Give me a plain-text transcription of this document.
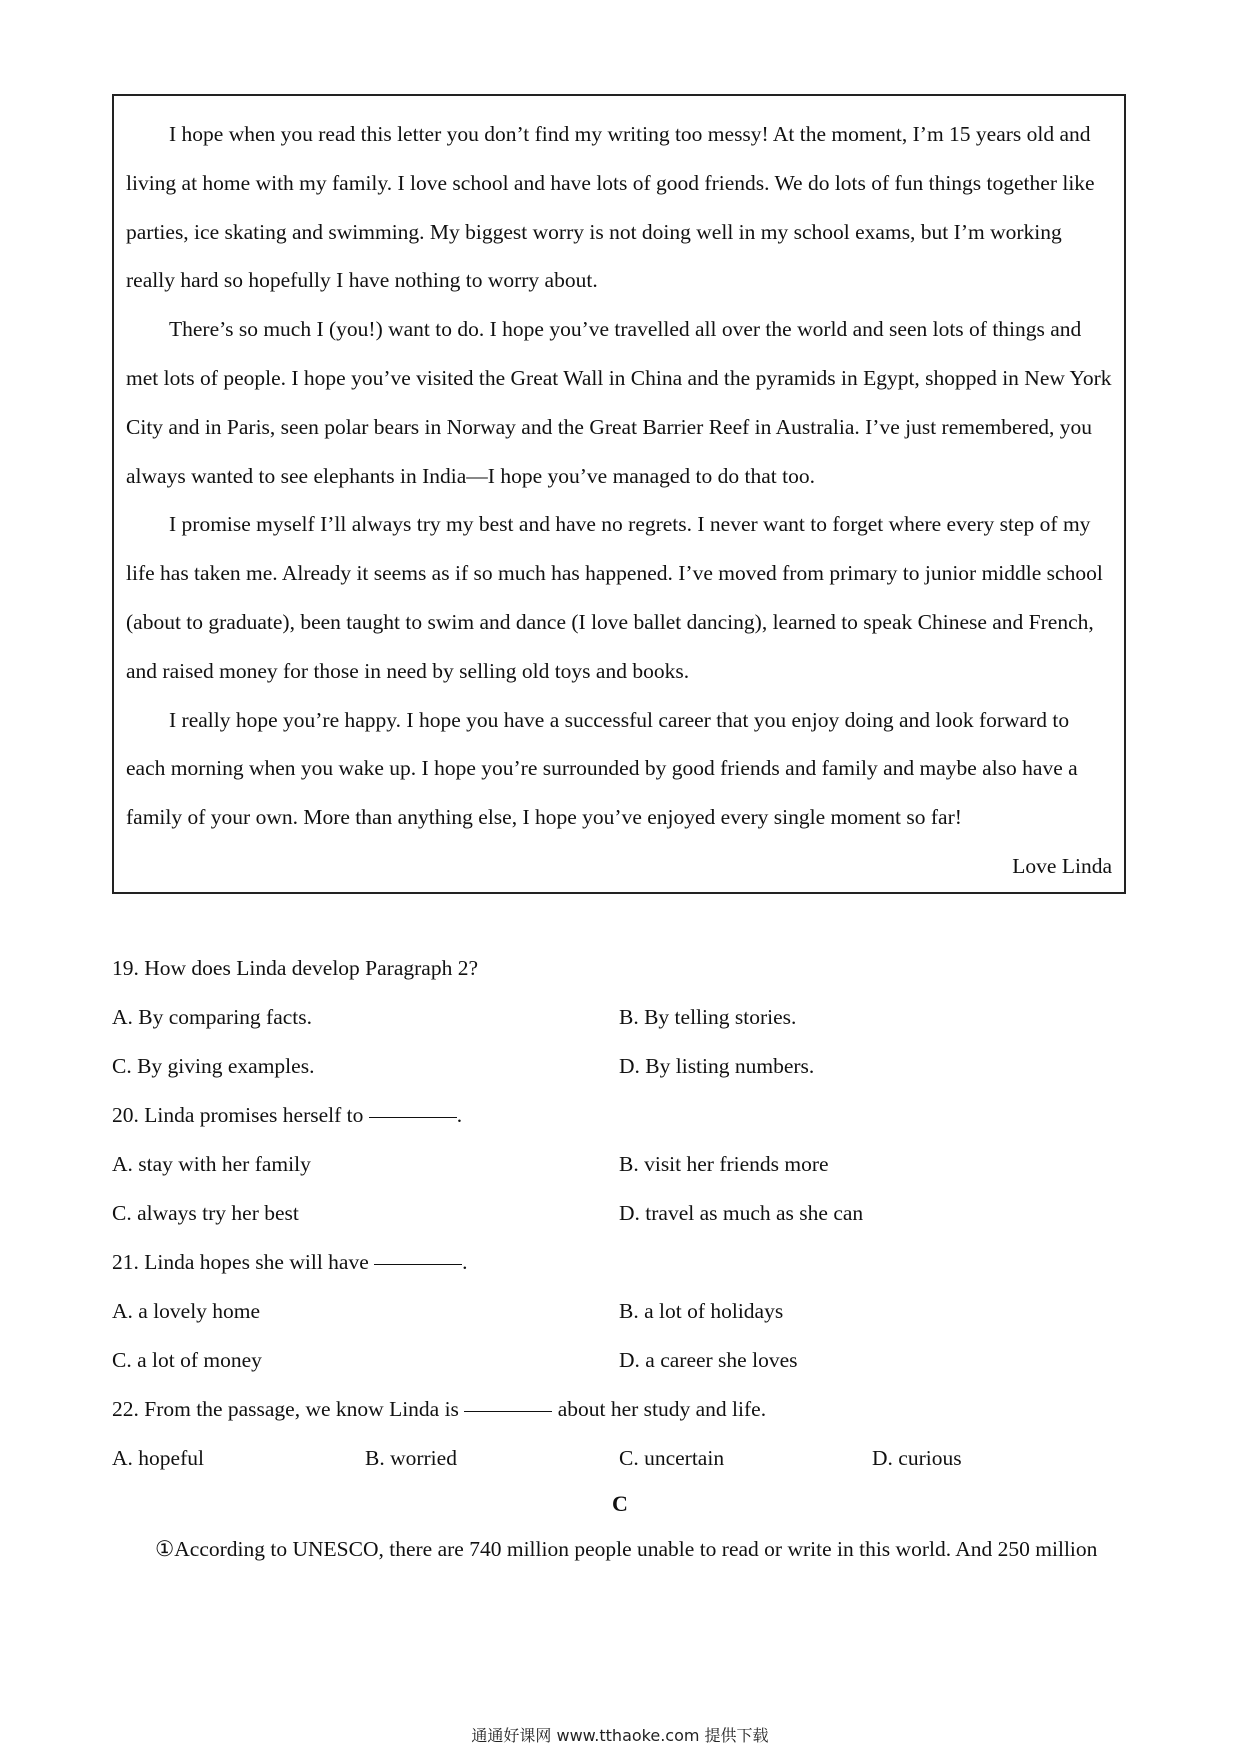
I hope when you read this letter you don’t find my writing too messy! At the moment, I’m 15 years old and living at home with my family. I love school and have lots of good friends. We do lots of fun things together like parties, ice skating and swimming. My biggest worry is not doing well in my school exams, but I’m working really hard so hopefully I have nothing to worry about.

There’s so much I (you!) want to do. I hope you’ve travelled all over the world and seen lots of things and met lots of people. I hope you’ve visited the Great Wall in China and the pyramids in Egypt, shopped in New York City and in Paris, seen polar bears in Norway and the Great Barrier Reef in Australia. I’ve just remembered, you always wanted to see elephants in India—I hope you’ve managed to do that too.

I promise myself I’ll always try my best and have no regrets. I never want to forget where every step of my life has taken me. Already it seems as if so much has happened. I’ve moved from primary to junior middle school (about to graduate), been taught to swim and dance (I love ballet dancing), learned to speak Chinese and French, and raised money for those in need by selling old toys and books.

I really hope you’re happy. I hope you have a successful career that you enjoy doing and look forward to each morning when you wake up. I hope you’re surrounded by good friends and family and maybe also have a family of your own. More than anything else, I hope you’ve enjoyed every single moment so far!

Love Linda

19. How does Linda develop Paragraph 2?
A. By comparing facts.	B. By telling stories.
C. By giving examples.	D. By listing numbers.
20. Linda promises herself to	.
A. stay with her family	B. visit her friends more
C. always try her best	D. travel as much as she can
21. Linda hopes she will have	.
A. a lovely home	B. a lot of holidays
C. a lot of money	D. a career she loves
22. From the passage, we know Linda is	about her study and life.
A. hopeful	B. worried	C. uncertain	D. curious
C
①According to UNESCO, there are 740 million people unable to read or write in this world. And 250 million
通通好课网 www.tthaoke.com 提供下载
